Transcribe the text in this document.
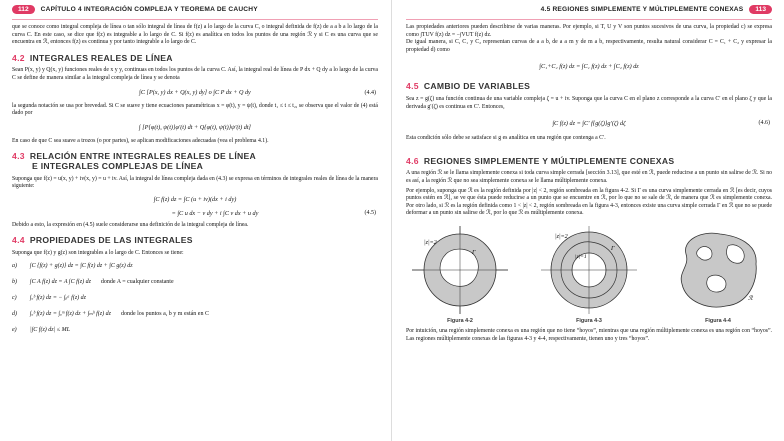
112	CAPÍTULO 4 INTEGRACIÓN COMPLEJA Y TEOREMA DE CAUCHY

que se conoce como integral compleja de línea o tan sólo integral de línea de f(z) a lo largo de la curva C, o integral definida de f(z) de a a b a lo largo de la curva C. En este caso, se dice que f(z) es integrable a lo largo de C. Si f(z) es analítica en todos los puntos de una región ℛ y si C es una curva que se encuentra en ℛ, entonces f(z) es continua y por tanto integrable a lo largo de C.

4.2 INTEGRALES REALES DE LÍNEA

Sean P(x, y) y Q(x, y) funciones reales de x y y, continuas en todos los puntos de la curva C. Así, la integral real de línea de P dx + Q dy a lo largo de la curva C se define de manera similar a la integral compleja de línea y se denota

∫C [P(x, y) dx + Q(x, y) dy] o ∫C P dx + Q dy	(4.4)

la segunda notación se usa por brevedad. Si C se suave y tiene ecuaciones paramétricas x = φ(t), y = ψ(t), donde t₁ ≤ t ≤ t₂, se observa que el valor de (4) está dado por

∫ [P{φ(t), ψ(t)}φ′(t) dt + Q{φ(t), ψ(t)}ψ′(t) dt]

En caso de que C sea suave a trozos (o por partes), se aplican modificaciones adecuadas (vea el problema 4.1).

4.3 RELACIÓN ENTRE INTEGRALES REALES DE LÍNEA
E INTEGRALES COMPLEJAS DE LÍNEA

Suponga que f(z) = u(x, y) + iv(x, y) = u + iv. Así, la integral de línea compleja dada en (4.3) se expresa en términos de integrales reales de línea de la manera siguiente:

∫C f(z) dz = ∫C (u + iv)(dx + i dy)
= ∫C u dx − v dy + i ∫C v dx + u dy	(4.5)

Debido a esto, la expresión en (4.5) suele considerarse una definición de la integral compleja de línea.

4.4 PROPIEDADES DE LAS INTEGRALES

Suponga que f(z) y g(z) son integrables a lo largo de C. Entonces se tiene:

a)	∫C {f(z) + g(z)} dz = ∫C f(z) dz + ∫C g(z) dz
b)	∫C A f(z) dz = A ∫C f(z) dz donde A = cualquier constante
c)	∫ₐᵇ f(z) dz = − ∫ᵦᵃ f(z) dz
d)	∫ₐᵇ f(z) dz = ∫ₐᵐ f(z) dz + ∫ₘᵇ f(z) dz donde los puntos a, b y m están en C
e)	|∫C f(z) dz| ≤ ML
4.5 REGIONES SIMPLEMENTE Y MÚLTIPLEMENTE CONEXAS	113

Las propiedades anteriores pueden describirse de varias maneras. Por ejemplo, si T, U y V son puntos sucesivos de una curva, la propiedad c) se expresa como ∫TUV f(z) dz = −∫VUT f(z) dz.

De igual manera, si C, C₁ y C₂ representan curvas de a a b, de a a m y de m a b, respectivamente, resulta natural considerar C = C₁ + C₂ y expresar la propiedad d) como

∫C₁+C₂ f(z) dz = ∫C₁ f(z) dz + ∫C₂ f(z) dz
4.5 CAMBIO DE VARIABLES

Sea z = g(ζ) una función continua de una variable compleja ζ = u + iv. Suponga que la curva C en el plano z corresponde a la curva C′ en el plano ζ y que la derivada g′(ζ) es continua en C′. Entonces,

∫C f(z) dz = ∫C′ f{g(ζ)}g′(ζ) dζ	(4.6)

Esta condición sólo debe se satisface si g es analítica en una región que contenga a C′.

4.6 REGIONES SIMPLEMENTE Y MÚLTIPLEMENTE CONEXAS

A una región ℛ se le llama simplemente conexa si toda curva simple cerrada [sección 3.13], que esté en ℛ, puede reducirse a un punto sin salirse de ℛ. Si no es así, a la región ℛ que no sea simplemente conexa se le llama múltiplemente conexa.

Por ejemplo, suponga que ℛ es la región definida por |z| < 2, región sombreada en la figura 4-2. Si Γ es una curva simplemente cerrada en ℛ [es decir, cuyos puntos estén en ℛ], se ve que ésta puede reducirse a un punto que se encuentre en ℛ, por lo que no se sale de ℛ, de manera que ℛ es simplemente conexa. Por otro lado, si ℛ es la región definida como 1 < |z| < 2, región sombreada en la figura 4-3, entonces existe una curva simple cerrada Γ en ℛ que no se puede deformar a un punto sin salirse de ℛ, por lo que ℛ es múltiplemente conexa.

|z|=2
Γ
Figura 4-2
|z|=2
|z|=1
Γ
Figura 4-3
ℛ
Figura 4-4

Por intuición, una región simplemente conexa es una región que no tiene “hoyos”, mientras que una región múltiplemente conexa es una región con “hoyos”. Las regiones múltiplemente conexas de las figuras 4-3 y 4-4, respectivamente, tienen uno y tres “hoyos”.
